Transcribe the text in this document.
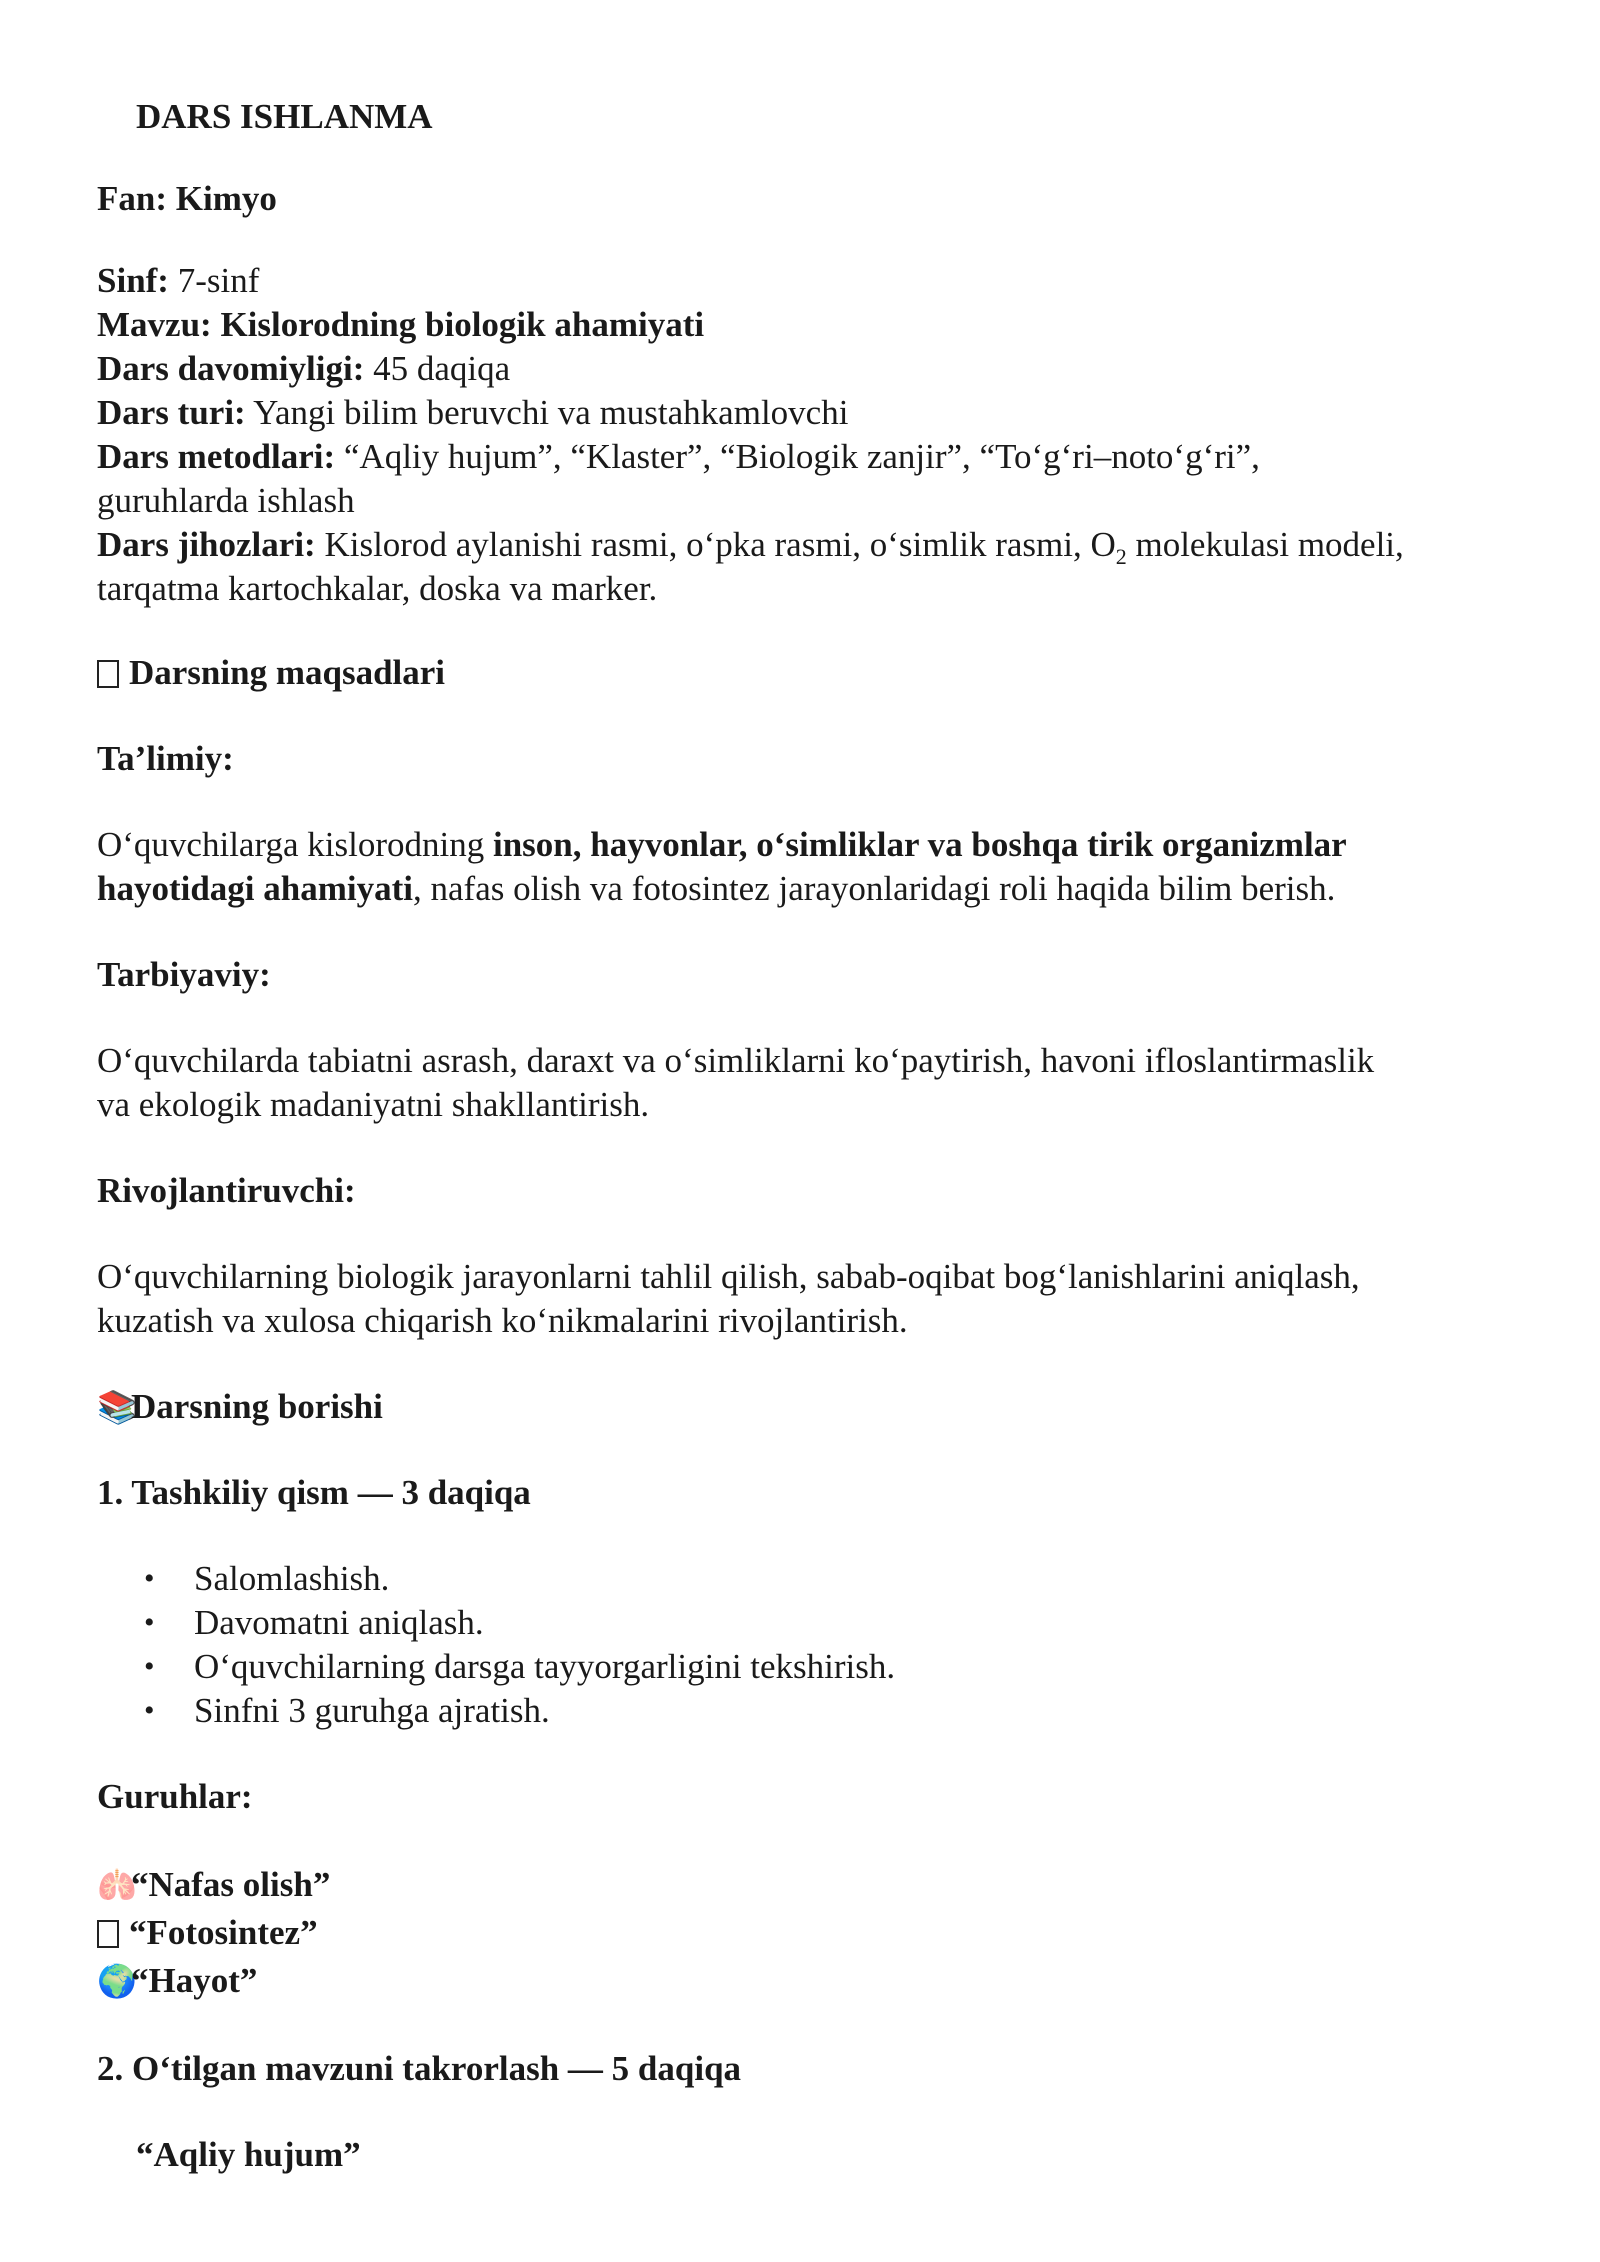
DARS ISHLANMA

Fan: Kimyo

Sinf: 7-sinf

Mavzu: Kislorodning biologik ahamiyati

Dars davomiyligi: 45 daqiqa

Dars turi: Yangi bilim beruvchi va mustahkamlovchi

Dars metodlari: “Aqliy hujum”, “Klaster”, “Biologik zanjir”, “To‘g‘ri–noto‘g‘ri”,

guruhlarda ishlash

Dars jihozlari: Kislorod aylanishi rasmi, o‘pka rasmi, o‘simlik rasmi, $O_2$ molekulasi modeli,

tarqatma kartochkalar, doska va marker.

Darsning maqsadlari

Ta’limiy:

O‘quvchilarga kislorodning inson, hayvonlar, o‘simliklar va boshqa tirik organizmlar

hayotidagi ahamiyati, nafas olish va fotosintez jarayonlaridagi roli haqida bilim berish.

Tarbiyaviy:

O‘quvchilarda tabiatni asrash, daraxt va o‘simliklarni ko‘paytirish, havoni ifloslantirmaslik

va ekologik madaniyatni shakllantirish.

Rivojlantiruvchi:

O‘quvchilarning biologik jarayonlarni tahlil qilish, sabab-oqibat bog‘lanishlarini aniqlash,

kuzatish va xulosa chiqarish ko‘nikmalarini rivojlantirish.

📚Darsning borishi

1. Tashkiliy qism — 3 daqiqa

• Salomlashish.
• Davomatni aniqlash.
• O‘quvchilarning darsga tayyorgarligini tekshirish.
• Sinfni 3 guruhga ajratish.

Guruhlar:

🫁“Nafas olish”

“Fotosintez”

🌍“Hayot”

2. O‘tilgan mavzuni takrorlash — 5 daqiqa

“Aqliy hujum”
